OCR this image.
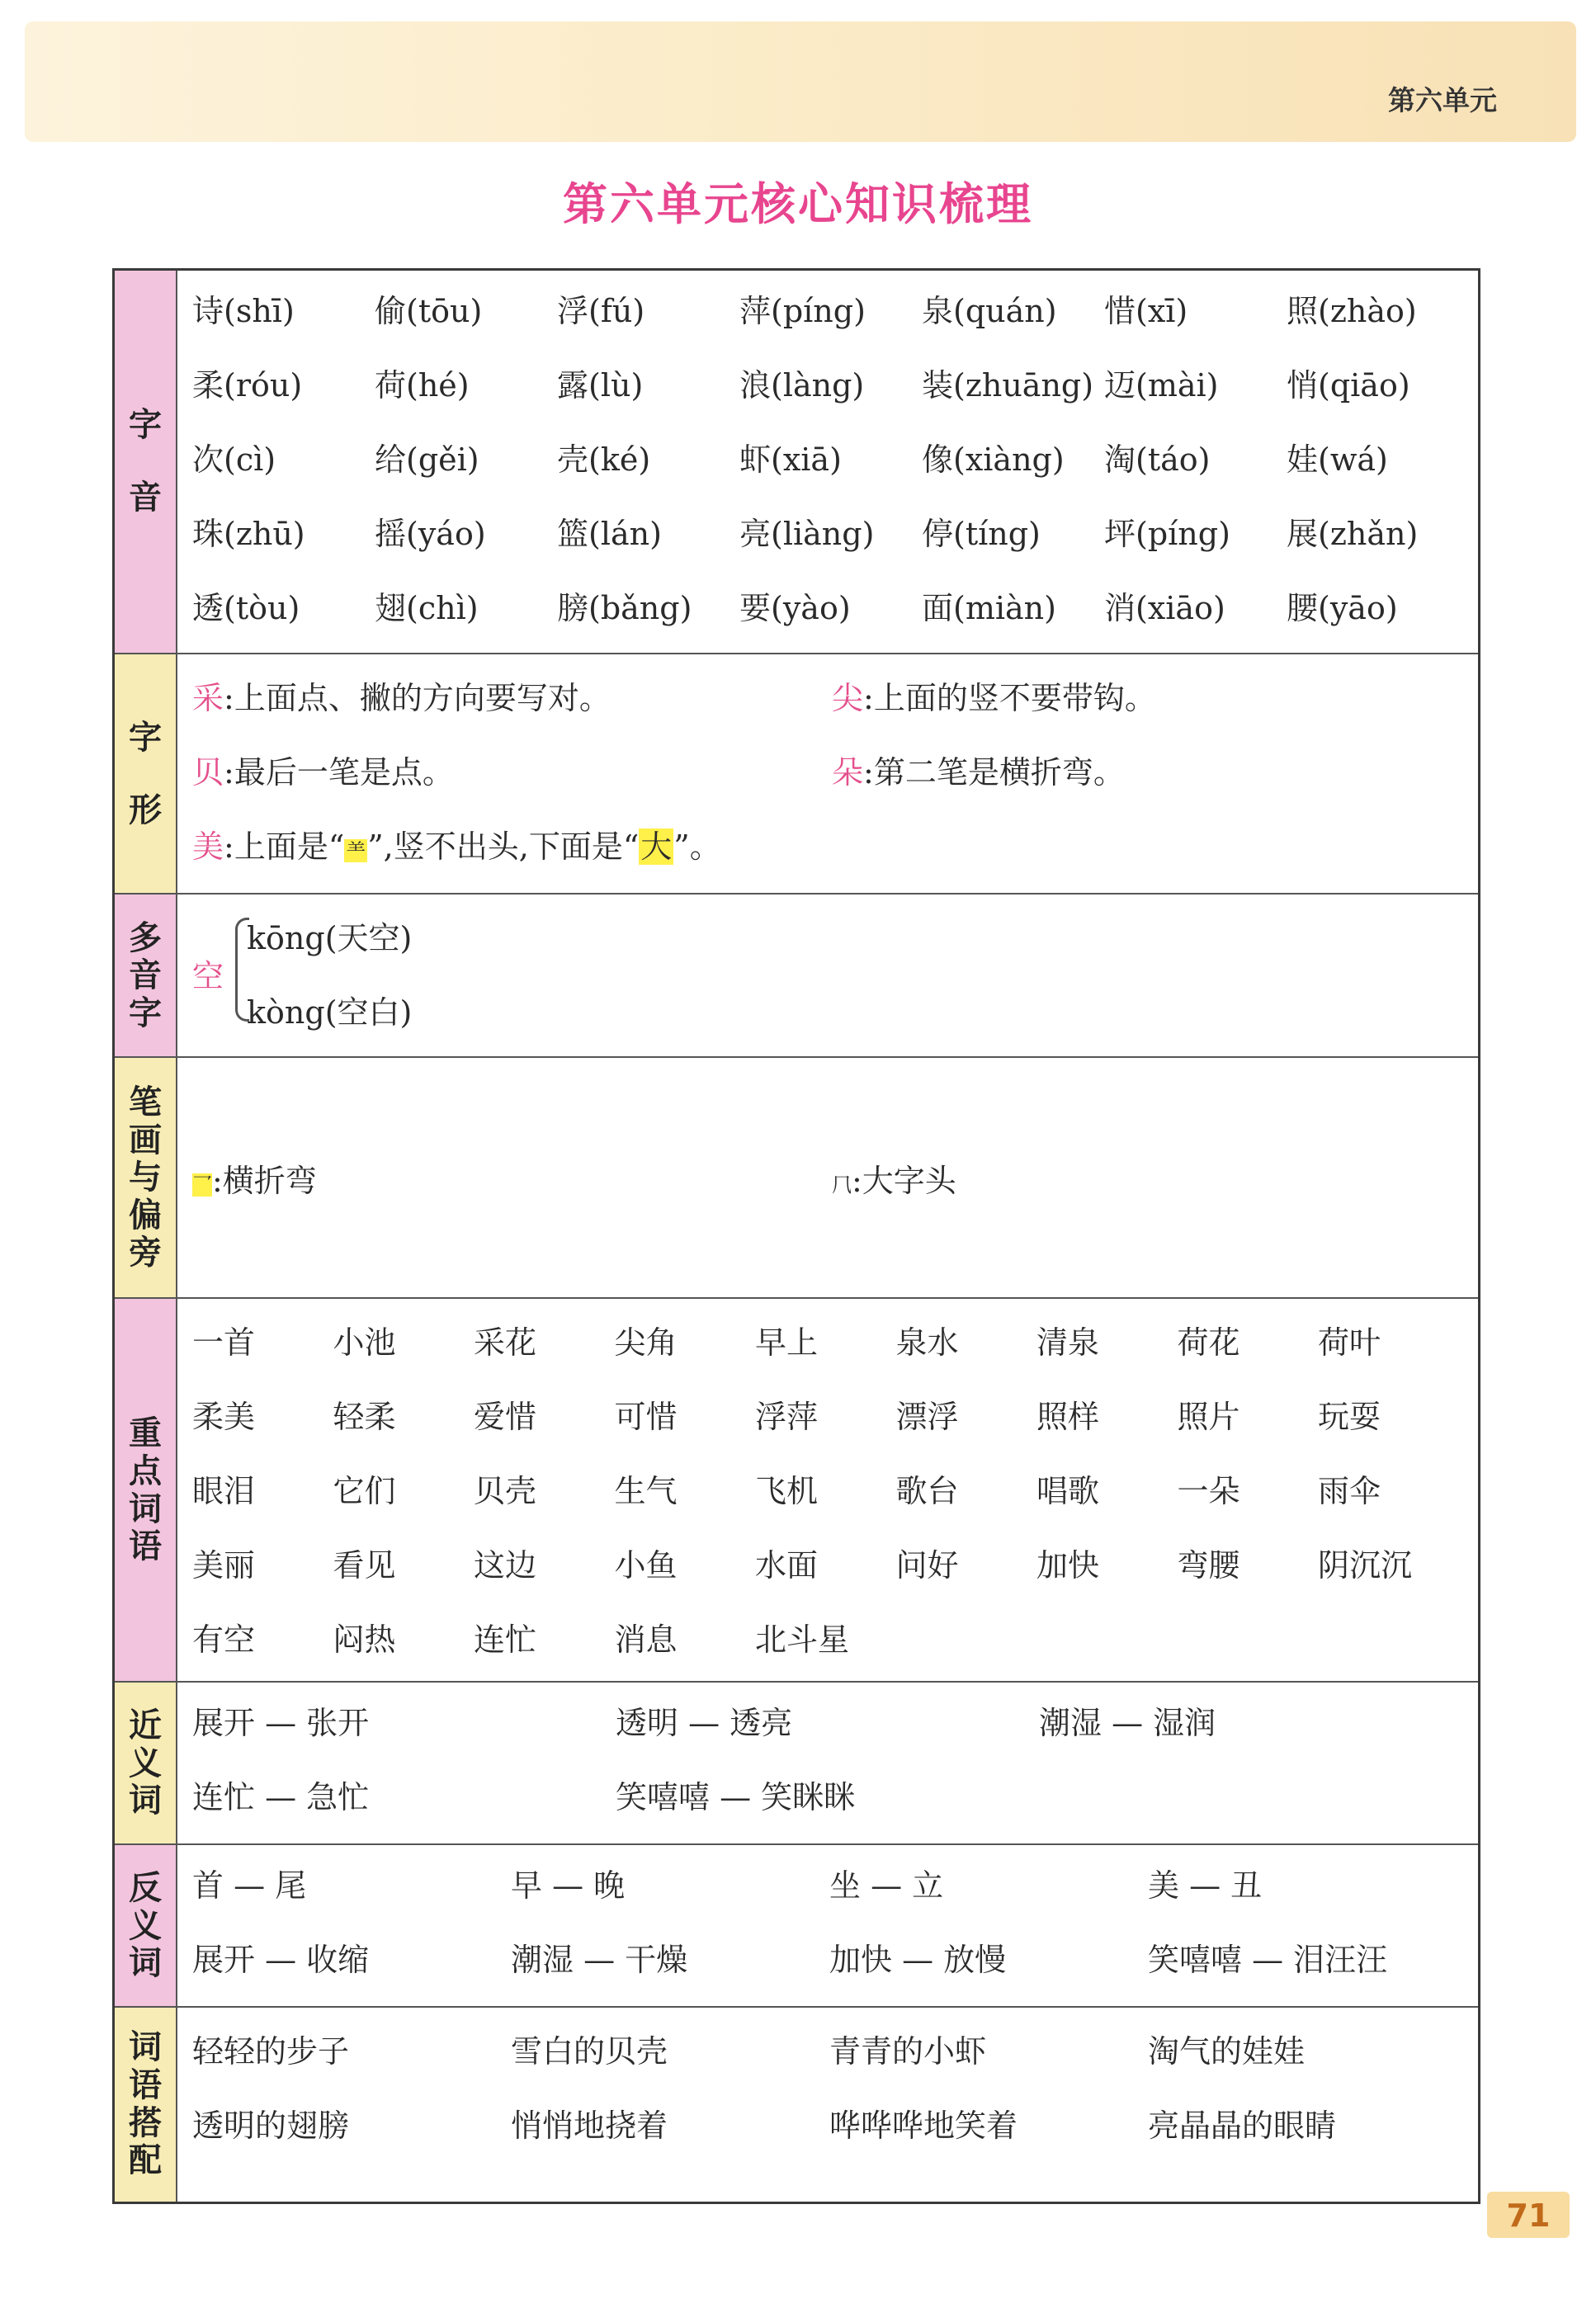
第六单元
第六单元核心知识梳理
字
音
诗(shī)	偷(tōu) 浮(fú)	萍(píng) 泉(quán) 惜(xī)	照(zhào)
柔(róu) 荷(hé)	露(lù)	浪(làng) 装(zhuāng) 迈(mài) 悄(qiāo)
次(cì)	给(gěi) 壳(ké)	虾(xiā)	像(xiàng) 淘(táo) 娃(wá)
珠(zhū) 摇(yáo) 篮(lán) 亮(liàng) 停(tíng) 坪(píng) 展(zhǎn)
透(tòu) 翅(chì)	膀(bǎng) 要(yào) 面(miàn) 消(xiāo) 腰(yāo)
字
形
采:上面点、撇的方向要写对。	尖:上面的竖不要带钩。
贝:最后一笔是点。	朵:第二笔是横折弯。
美:上面是“⺷”,竖不出头,下面是“大”。
多
音
字
空
kōng(天空)
kòng(空白)
笔
画
与
偏
旁
乛:横折弯	𠘨:大字头
重
点
词
语
一首 小池 采花 尖角 早上 泉水 清泉 荷花 荷叶
柔美 轻柔 爱惜 可惜 浮萍 漂浮 照样 照片 玩耍
眼泪 它们 贝壳 生气 飞机 歌台 唱歌 一朵 雨伞
美丽 看见 这边 小鱼 水面 问好 加快 弯腰 阴沉沉
有空 闷热 连忙 消息 北斗星
近
义
词
展开 — 张开	透明 — 透亮	潮湿 — 湿润
连忙 — 急忙	笑嘻嘻 — 笑眯眯
反
义
词
首 — 尾	早 — 晚	坐 — 立	美 — 丑
展开 — 收缩	潮湿 — 干燥	加快 — 放慢	笑嘻嘻 — 泪汪汪
词
语
搭
配
轻轻的步子	雪白的贝壳	青青的小虾	淘气的娃娃
透明的翅膀	悄悄地挠着	哗哗哗地笑着	亮晶晶的眼睛
71
